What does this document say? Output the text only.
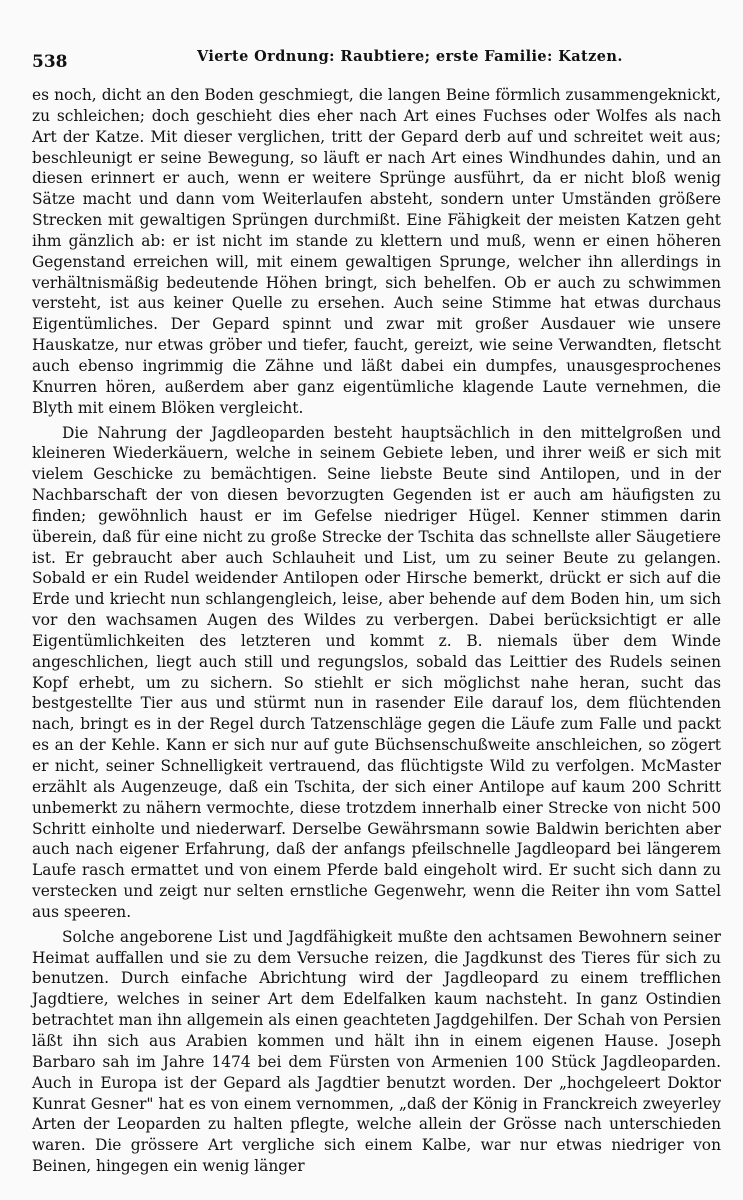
538	Vierte Ordnung: Raubtiere; erste Familie: Katzen.

es noch, dicht an den Boden geschmiegt, die langen Beine förmlich zusammengeknickt, zu schleichen; doch geschieht dies eher nach Art eines Fuchses oder Wolfes als nach Art der Katze. Mit dieser verglichen, tritt der Gepard derb auf und schreitet weit aus; beschleunigt er seine Bewegung, so läuft er nach Art eines Windhundes dahin, und an diesen erinnert er auch, wenn er weitere Sprünge ausführt, da er nicht bloß wenig Sätze macht und dann vom Weiterlaufen absteht, sondern unter Umständen größere Strecken mit gewaltigen Sprüngen durchmißt. Eine Fähigkeit der meisten Katzen geht ihm gänzlich ab: er ist nicht im stande zu klettern und muß, wenn er einen höheren Gegenstand erreichen will, mit einem gewaltigen Sprunge, welcher ihn allerdings in verhältnismäßig bedeutende Höhen bringt, sich behelfen. Ob er auch zu schwimmen versteht, ist aus keiner Quelle zu ersehen. Auch seine Stimme hat etwas durchaus Eigentümliches. Der Gepard spinnt und zwar mit großer Ausdauer wie unsere Hauskatze, nur etwas gröber und tiefer, faucht, gereizt, wie seine Verwandten, fletscht auch ebenso ingrimmig die Zähne und läßt dabei ein dumpfes, unausgesprochenes Knurren hören, außerdem aber ganz eigentümliche klagende Laute vernehmen, die Blyth mit einem Blöken vergleicht.

Die Nahrung der Jagdleoparden besteht hauptsächlich in den mittelgroßen und kleineren Wiederkäuern, welche in seinem Gebiete leben, und ihrer weiß er sich mit vielem Geschicke zu bemächtigen. Seine liebste Beute sind Antilopen, und in der Nachbarschaft der von diesen bevorzugten Gegenden ist er auch am häufigsten zu finden; gewöhnlich haust er im Gefelse niedriger Hügel. Kenner stimmen darin überein, daß für eine nicht zu große Strecke der Tschita das schnellste aller Säugetiere ist. Er gebraucht aber auch Schlauheit und List, um zu seiner Beute zu gelangen. Sobald er ein Rudel weidender Antilopen oder Hirsche bemerkt, drückt er sich auf die Erde und kriecht nun schlangengleich, leise, aber behende auf dem Boden hin, um sich vor den wachsamen Augen des Wildes zu verbergen. Dabei berücksichtigt er alle Eigentümlichkeiten des letzteren und kommt z. B. niemals über dem Winde angeschlichen, liegt auch still und regungslos, sobald das Leittier des Rudels seinen Kopf erhebt, um zu sichern. So stiehlt er sich möglichst nahe heran, sucht das bestgestellte Tier aus und stürmt nun in rasender Eile darauf los, dem flüchtenden nach, bringt es in der Regel durch Tatzenschläge gegen die Läufe zum Falle und packt es an der Kehle. Kann er sich nur auf gute Büchsenschußweite anschleichen, so zögert er nicht, seiner Schnelligkeit vertrauend, das flüchtigste Wild zu verfolgen. McMaster erzählt als Augenzeuge, daß ein Tschita, der sich einer Antilope auf kaum 200 Schritt unbemerkt zu nähern vermochte, diese trotzdem innerhalb einer Strecke von nicht 500 Schritt einholte und niederwarf. Derselbe Gewährsmann sowie Baldwin berichten aber auch nach eigener Erfahrung, daß der anfangs pfeilschnelle Jagdleopard bei längerem Laufe rasch ermattet und von einem Pferde bald eingeholt wird. Er sucht sich dann zu verstecken und zeigt nur selten ernstliche Gegenwehr, wenn die Reiter ihn vom Sattel aus speeren.

Solche angeborene List und Jagdfähigkeit mußte den achtsamen Bewohnern seiner Heimat auffallen und sie zu dem Versuche reizen, die Jagdkunst des Tieres für sich zu benutzen. Durch einfache Abrichtung wird der Jagdleopard zu einem trefflichen Jagdtiere, welches in seiner Art dem Edelfalken kaum nachsteht. In ganz Ostindien betrachtet man ihn allgemein als einen geachteten Jagdgehilfen. Der Schah von Persien läßt ihn sich aus Arabien kommen und hält ihn in einem eigenen Hause. Joseph Barbaro sah im Jahre 1474 bei dem Fürsten von Armenien 100 Stück Jagdleoparden. Auch in Europa ist der Gepard als Jagdtier benutzt worden. Der „hochgeleert Doktor Kunrat Gesner" hat es von einem vernommen, „daß der König in Franckreich zweyerley Arten der Leoparden zu halten pflegte, welche allein der Grösse nach unterschieden waren. Die grössere Art vergliche sich einem Kalbe, war nur etwas niedriger von Beinen, hingegen ein wenig länger
